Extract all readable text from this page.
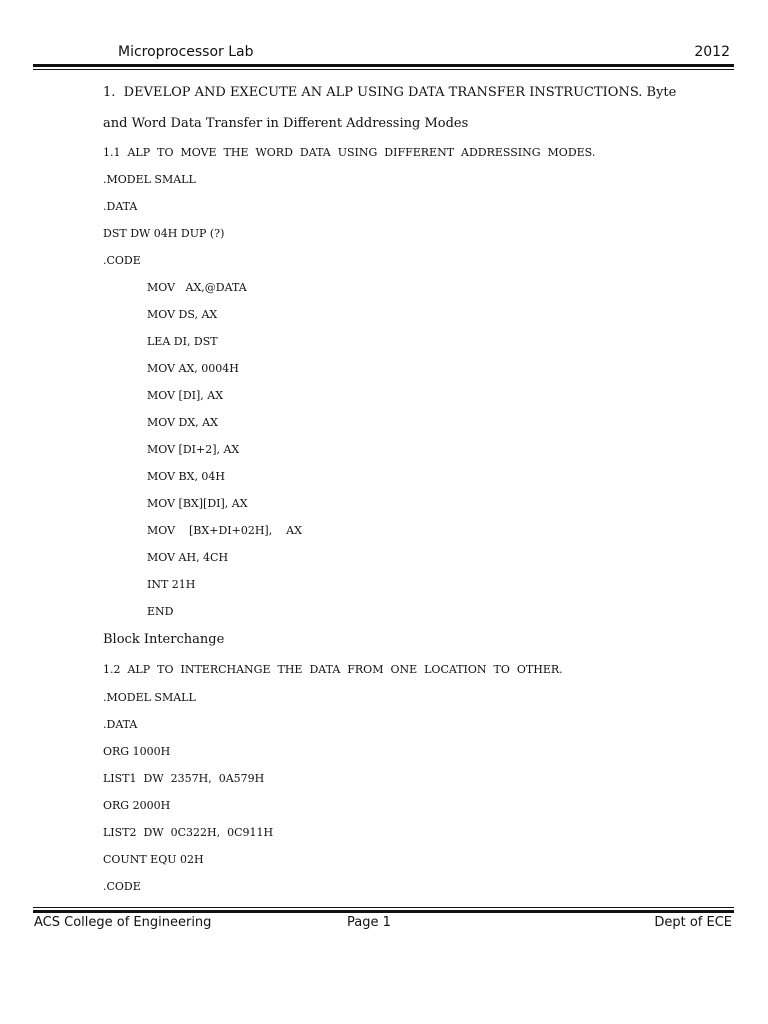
Microprocessor Lab	2012
1.  DEVELOP AND EXECUTE AN ALP USING DATA TRANSFER INSTRUCTIONS. Byte
and Word Data Transfer in Different Addressing Modes
1.1  ALP  TO  MOVE  THE  WORD  DATA  USING  DIFFERENT  ADDRESSING  MODES.
.MODEL SMALL
.DATA
DST DW 04H DUP (?)
.CODE
MOV   AX,@DATA
MOV DS, AX
LEA DI, DST
MOV AX, 0004H
MOV [DI], AX
MOV DX, AX
MOV [DI+2], AX
MOV BX, 04H
MOV [BX][DI], AX
MOV    [BX+DI+02H],    AX
MOV AH, 4CH
INT 21H
END
Block Interchange
1.2  ALP  TO  INTERCHANGE  THE  DATA  FROM  ONE  LOCATION  TO  OTHER.
.MODEL SMALL
.DATA
ORG 1000H
LIST1  DW  2357H,  0A579H
ORG 2000H
LIST2  DW  0C322H,  0C911H
COUNT EQU 02H
.CODE
ACS College of Engineering	Page 1	Dept of ECE
